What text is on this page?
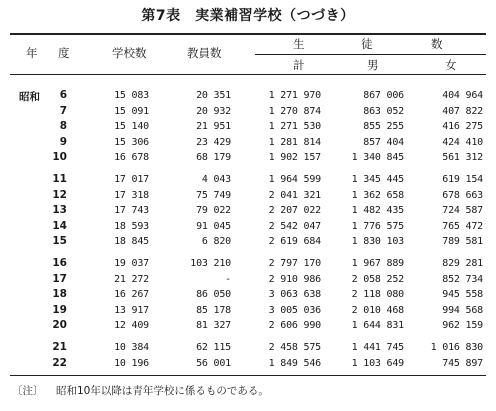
第7表　実業補習学校（つづき）
年 度	学校数	教員数
生	徒	数
計	男	女
昭和	6	15 083	20 351	1 271 970	867 006	404 964
7	15 091	20 932	1 270 874	863 052	407 822
8	15 140	21 951	1 271 530	855 255	416 275
9	15 306	23 429	1 281 814	857 404	424 410
10	16 678	68 179	1 902 157	1 340 845	561 312
11	17 017	4 043	1 964 599	1 345 445	619 154
12	17 318	75 749	2 041 321	1 362 658	678 663
13	17 743	79 022	2 207 022	1 482 435	724 587
14	18 593	91 045	2 542 047	1 776 575	765 472
15	18 845	6 820	2 619 684	1 830 103	789 581
16	19 037	103 210	2 797 170	1 967 889	829 281
17	21 272	-	2 910 986	2 058 252	852 734
18	16 267	86 050	3 063 638	2 118 080	945 558
19	13 917	85 178	3 005 036	2 010 468	994 568
20	12 409	81 327	2 606 990	1 644 831	962 159
21	10 384	62 115	2 458 575	1 441 745	1 016 830
22	10 196	56 001	1 849 546	1 103 649	745 897
〔注〕 昭和10年以降は青年学校に係るものである。
